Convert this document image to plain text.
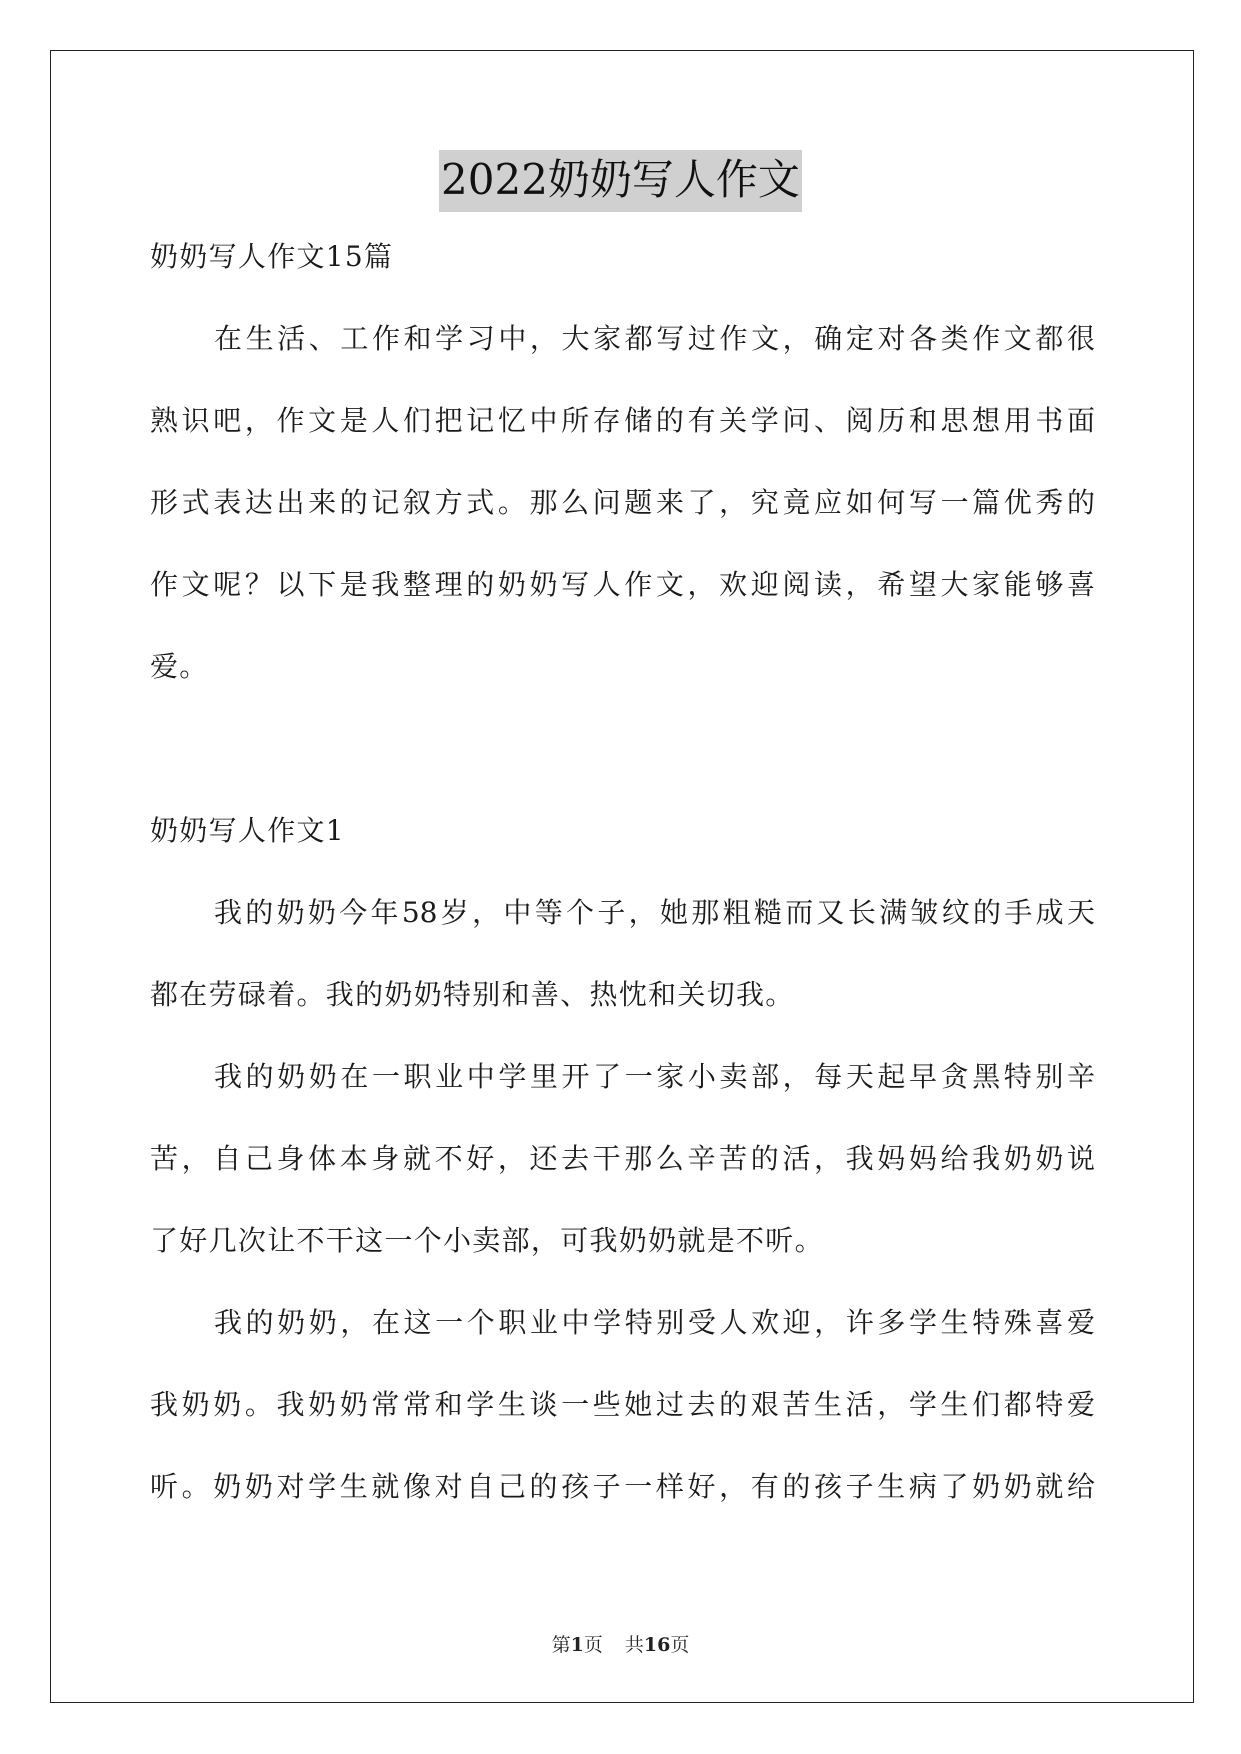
2022奶奶写人作文
奶奶写人作文15篇
在生活、工作和学习中，大家都写过作文，确定对各类作文都很
熟识吧，作文是人们把记忆中所存储的有关学问、阅历和思想用书面
形式表达出来的记叙方式。那么问题来了，究竟应如何写一篇优秀的
作文呢？以下是我整理的奶奶写人作文，欢迎阅读，希望大家能够喜
爱。
奶奶写人作文1
我的奶奶今年58岁，中等个子，她那粗糙而又长满皱纹的手成天
都在劳碌着。我的奶奶特别和善、热忱和关切我。
我的奶奶在一职业中学里开了一家小卖部，每天起早贪黑特别辛
苦，自己身体本身就不好，还去干那么辛苦的活，我妈妈给我奶奶说
了好几次让不干这一个小卖部，可我奶奶就是不听。
我的奶奶，在这一个职业中学特别受人欢迎，许多学生特殊喜爱
我奶奶。我奶奶常常和学生谈一些她过去的艰苦生活，学生们都特爱
听。奶奶对学生就像对自己的孩子一样好，有的孩子生病了奶奶就给
第1页 共16页
